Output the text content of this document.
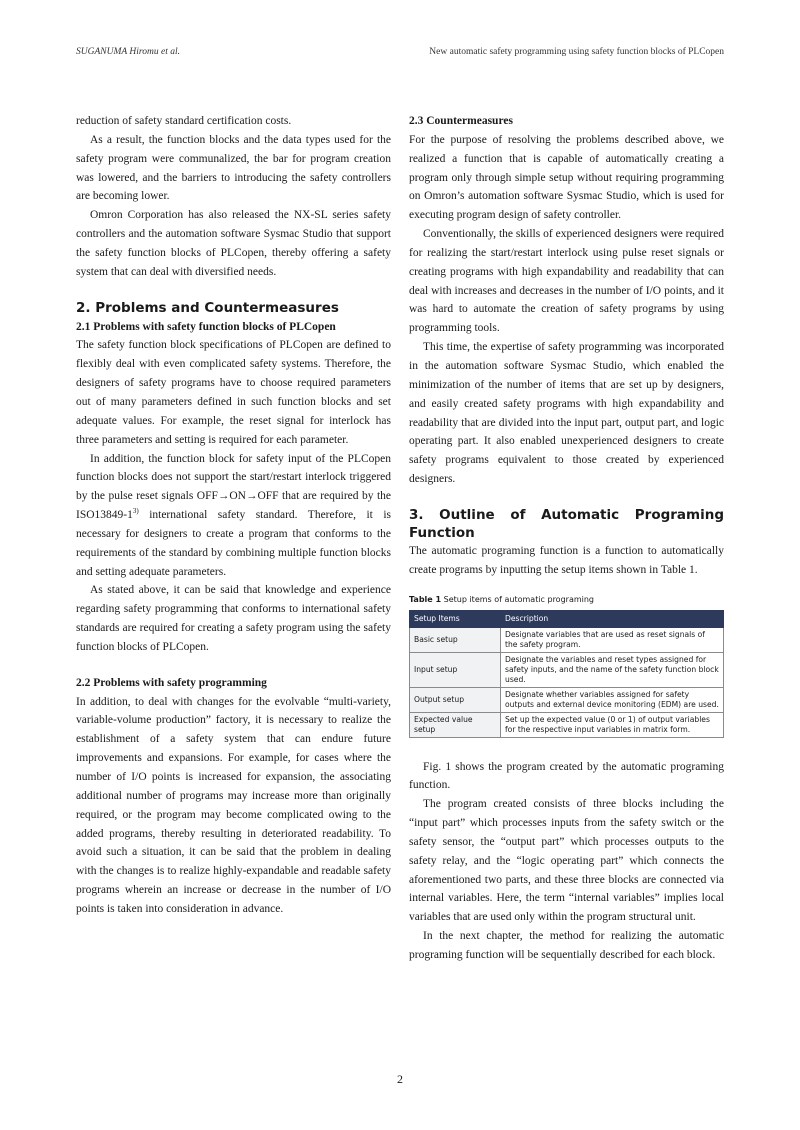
SUGANUMA Hiromu et al.	New automatic safety programming using safety function blocks of PLCopen

reduction of safety standard certification costs.

As a result, the function blocks and the data types used for the safety program were communalized, the bar for program creation was lowered, and the barriers to introducing the safety controllers are becoming lower.

Omron Corporation has also released the NX-SL series safety controllers and the automation software Sysmac Studio that support the safety function blocks of PLCopen, thereby offering a safety system that can deal with diversified needs.

2. Problems and Countermeasures
2.1 Problems with safety function blocks of PLCopen

The safety function block specifications of PLCopen are defined to flexibly deal with even complicated safety systems. Therefore, the designers of safety programs have to choose required parameters out of many parameters defined in such function blocks and set adequate values. For example, the reset signal for interlock has three parameters and setting is required for each parameter.

In addition, the function block for safety input of the PLCopen function blocks does not support the start/restart interlock triggered by the pulse reset signals OFF→ON→OFF that are required by the ISO13849-1$^{3)}$ international safety standard. Therefore, it is necessary for designers to create a program that conforms to the requirements of the standard by combining multiple function blocks and setting adequate parameters.

As stated above, it can be said that knowledge and experience regarding safety programming that conforms to international safety standards are required for creating a safety program using the safety function blocks of PLCopen.

2.2 Problems with safety programming

In addition, to deal with changes for the evolvable “multi-variety, variable-volume production” factory, it is necessary to realize the establishment of a safety system that can endure future improvements and expansions. For example, for cases where the number of I/O points is increased for expansion, the associating additional number of programs may increase more than originally required, or the program may become complicated owing to the added programs, thereby resulting in deteriorated readability. To avoid such a situation, it can be said that the problem in dealing with the changes is to realize highly-expandable and readable safety programs wherein an increase or decrease in the number of I/O points is taken into consideration in advance.

2.3 Countermeasures

For the purpose of resolving the problems described above, we realized a function that is capable of automatically creating a program only through simple setup without requiring programming on Omron’s automation software Sysmac Studio, which is used for executing program design of safety controller.

Conventionally, the skills of experienced designers were required for realizing the start/restart interlock using pulse reset signals or creating programs with high expandability and readability that can deal with increases and decreases in the number of I/O points, and it was hard to automate the creation of safety programs by using programming tools.

This time, the expertise of safety programming was incorporated in the automation software Sysmac Studio, which enabled the minimization of the number of items that are set up by designers, and easily created safety programs with high expandability and readability that are divided into the input part, output part, and logic operating part. It also enabled unexperienced designers to create safety programs equivalent to those created by experienced designers.

3. Outline of Automatic Programing Function

The automatic programing function is a function to automatically create programs by inputting the setup items shown in Table 1.

Table 1 Setup items of automatic programing

Setup Items	Description
Basic setup	Designate variables that are used as reset signals of the safety program.
Input setup	Designate the variables and reset types assigned for safety inputs, and the name of the safety function block used.
Output setup	Designate whether variables assigned for safety outputs and external device monitoring (EDM) are used.
Expected value setup	Set up the expected value (0 or 1) of output variables for the respective input variables in matrix form.

Fig. 1 shows the program created by the automatic programing function.

The program created consists of three blocks including the “input part” which processes inputs from the safety switch or the safety sensor, the “output part” which processes outputs to the safety relay, and the “logic operating part” which connects the aforementioned two parts, and these three blocks are connected via internal variables. Here, the term “internal variables” implies local variables that are used only within the program structural unit.

In the next chapter, the method for realizing the automatic programing function will be sequentially described for each block.

2
